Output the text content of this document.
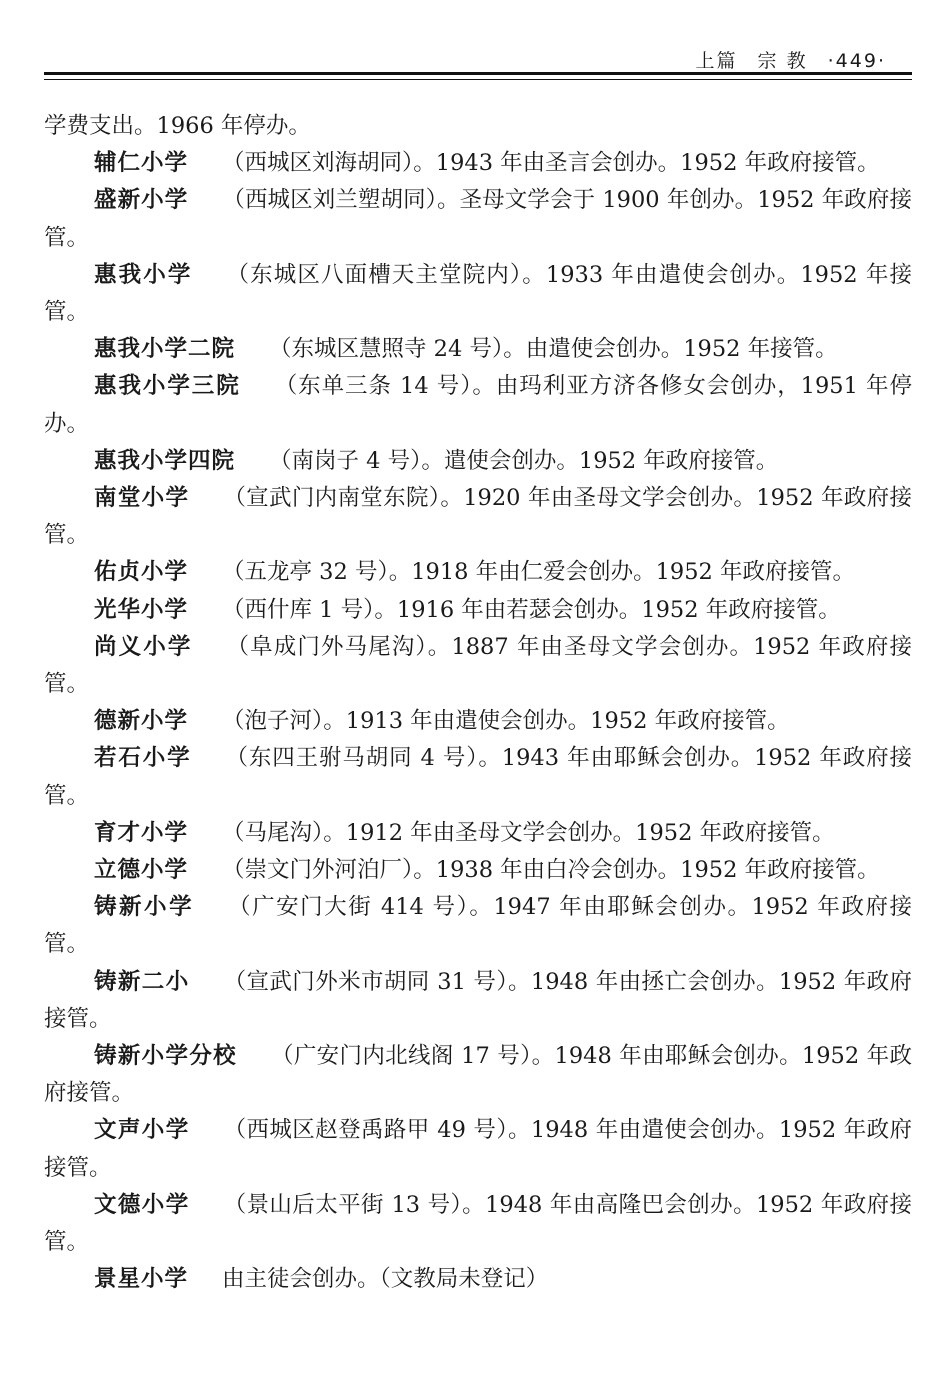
上篇 宗 教 ·449·

学费支出。1966 年停办。

辅仁小学 （西城区刘海胡同）。1943 年由圣言会创办。1952 年政府接管。

盛新小学 （西城区刘兰塑胡同）。圣母文学会于 1900 年创办。1952 年政府接管。

惠我小学 （东城区八面槽天主堂院内）。1933 年由遣使会创办。1952 年接管。

惠我小学二院 （东城区慧照寺 24 号）。由遣使会创办。1952 年接管。

惠我小学三院 （东单三条 14 号）。由玛利亚方济各修女会创办，1951 年停办。

惠我小学四院 （南岗子 4 号）。遣使会创办。1952 年政府接管。

南堂小学 （宣武门内南堂东院）。1920 年由圣母文学会创办。1952 年政府接管。

佑贞小学 （五龙亭 32 号）。1918 年由仁爱会创办。1952 年政府接管。

光华小学 （西什库 1 号）。1916 年由若瑟会创办。1952 年政府接管。

尚义小学 （阜成门外马尾沟）。1887 年由圣母文学会创办。1952 年政府接管。

德新小学 （泡子河）。1913 年由遣使会创办。1952 年政府接管。

若石小学 （东四王驸马胡同 4 号）。1943 年由耶稣会创办。1952 年政府接管。

育才小学 （马尾沟）。1912 年由圣母文学会创办。1952 年政府接管。

立德小学 （崇文门外河泊厂）。1938 年由白冷会创办。1952 年政府接管。

铸新小学 （广安门大街 414 号）。1947 年由耶稣会创办。1952 年政府接管。

铸新二小 （宣武门外米市胡同 31 号）。1948 年由拯亡会创办。1952 年政府接管。

铸新小学分校 （广安门内北线阁 17 号）。1948 年由耶稣会创办。1952 年政府接管。

文声小学 （西城区赵登禹路甲 49 号）。1948 年由遣使会创办。1952 年政府接管。

文德小学 （景山后太平街 13 号）。1948 年由高隆巴会创办。1952 年政府接管。

景星小学 由主徒会创办。（文教局未登记）
